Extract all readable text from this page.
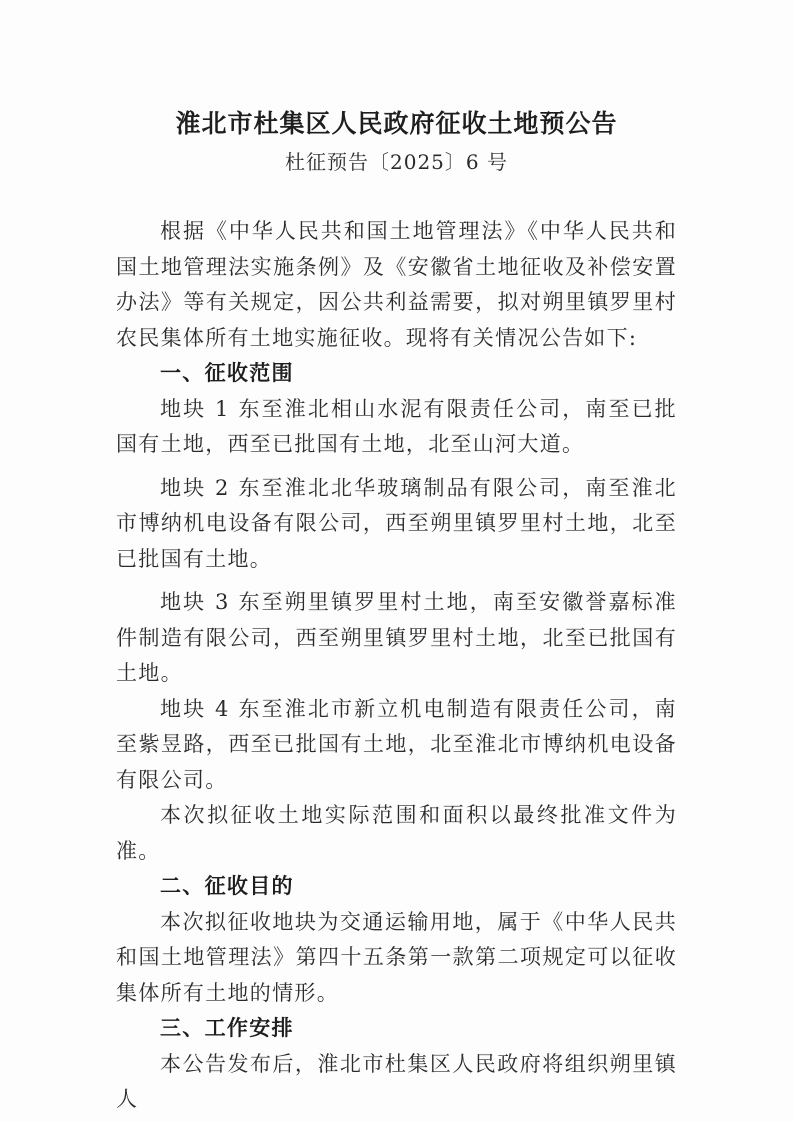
淮北市杜集区人民政府征收土地预公告
杜征预告〔2025〕6 号

根据《中华人民共和国土地管理法》《中华人民共和国土地管理法实施条例》及《安徽省土地征收及补偿安置办法》等有关规定，因公共利益需要，拟对朔里镇罗里村农民集体所有土地实施征收。现将有关情况公告如下:

一、征收范围

地块 1 东至淮北相山水泥有限责任公司，南至已批国有土地，西至已批国有土地，北至山河大道。

地块 2 东至淮北北华玻璃制品有限公司，南至淮北市博纳机电设备有限公司，西至朔里镇罗里村土地，北至已批国有土地。

地块 3 东至朔里镇罗里村土地，南至安徽誉嘉标准件制造有限公司，西至朔里镇罗里村土地，北至已批国有土地。

地块 4 东至淮北市新立机电制造有限责任公司，南至紫昱路，西至已批国有土地，北至淮北市博纳机电设备有限公司。

本次拟征收土地实际范围和面积以最终批准文件为准。

二、征收目的

本次拟征收地块为交通运输用地，属于《中华人民共和国土地管理法》第四十五条第一款第二项规定可以征收集体所有土地的情形。

三、工作安排

本公告发布后，淮北市杜集区人民政府将组织朔里镇人
